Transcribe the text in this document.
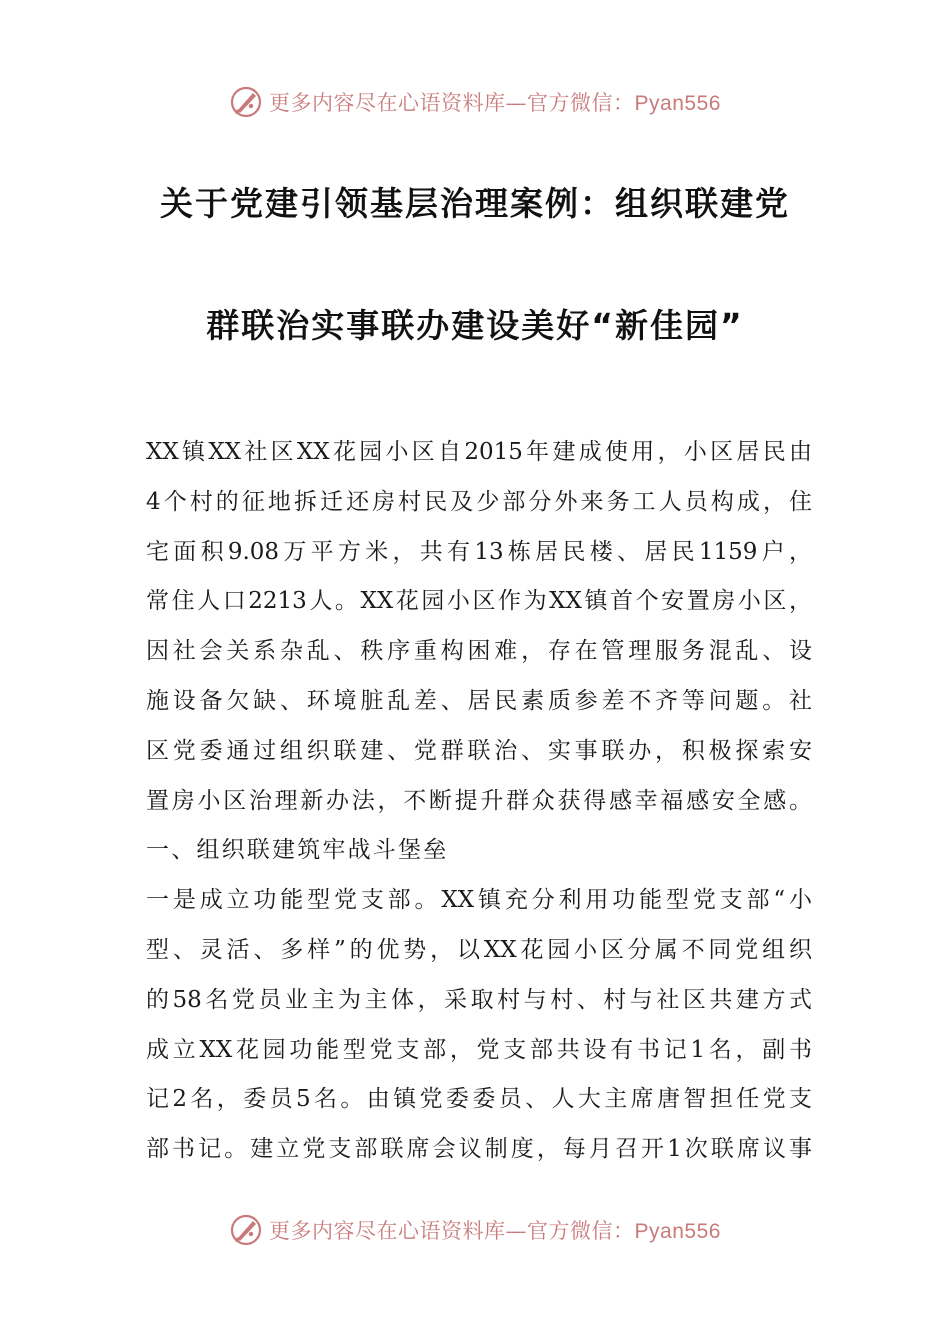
更多内容尽在心语资料库—官方微信：Pyan556
关于党建引领基层治理案例：组织联建党
群联治实事联办建设美好“新佳园”
XX镇XX社区XX花园小区自2015年建成使用，小区居民由
4个村的征地拆迁还房村民及少部分外来务工人员构成，住
宅面积9.08万平方米，共有13栋居民楼、居民1159户，
常住人口2213人。XX花园小区作为XX镇首个安置房小区，
因社会关系杂乱、秩序重构困难，存在管理服务混乱、设
施设备欠缺、环境脏乱差、居民素质参差不齐等问题。社
区党委通过组织联建、党群联治、实事联办，积极探索安
置房小区治理新办法，不断提升群众获得感幸福感安全感。
一、组织联建筑牢战斗堡垒
一是成立功能型党支部。XX镇充分利用功能型党支部“小
型、灵活、多样”的优势，以XX花园小区分属不同党组织
的58名党员业主为主体，采取村与村、村与社区共建方式
成立XX花园功能型党支部，党支部共设有书记1名，副书
记2名，委员5名。由镇党委委员、人大主席唐智担任党支
部书记。建立党支部联席会议制度，每月召开1次联席议事
更多内容尽在心语资料库—官方微信：Pyan556
